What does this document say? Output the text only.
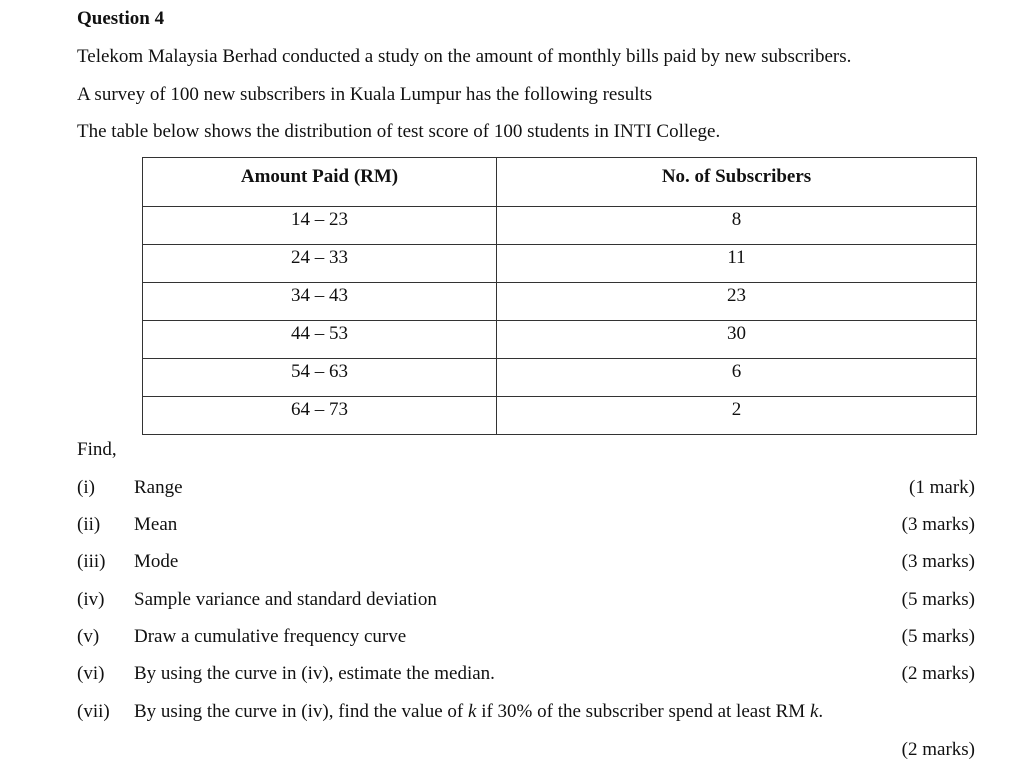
Question 4
Telekom Malaysia Berhad conducted a study on the amount of monthly bills paid by new subscribers.
A survey of 100 new subscribers in Kuala Lumpur has the following results
The table below shows the distribution of test score of 100 students in INTI College.
Amount Paid (RM)	No. of Subscribers
14 – 23	8
24 – 33	11
34 – 43	23
44 – 53	30
54 – 63	6
64 – 73	2
Find,
(i) Range	(1 mark)
(ii) Mean	(3 marks)
(iii) Mode	(3 marks)
(iv) Sample variance and standard deviation	(5 marks)
(v) Draw a cumulative frequency curve	(5 marks)
(vi) By using the curve in (iv), estimate the median.	(2 marks)
(vii) By using the curve in (iv), find the value of k if 30% of the subscriber spend at least RM k.
(2 marks)
